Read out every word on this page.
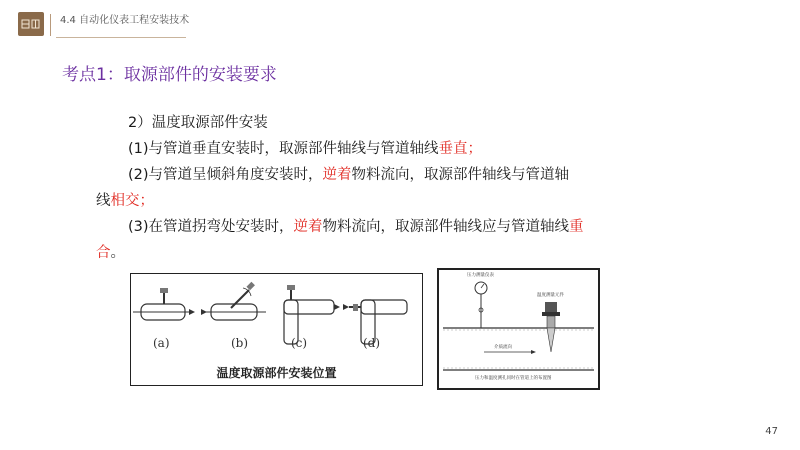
4.4 自动化仪表工程安装技术
考点1：取源部件的安装要求

2）温度取源部件安装

(1)与管道垂直安装时，取源部件轴线与管道轴线垂直；

(2)与管道呈倾斜角度安装时，逆着物料流向，取源部件轴线与管道轴

线相交；

(3)在管道拐弯处安装时，逆着物料流向，取源部件轴线应与管道轴线重

合。

(a)	(b)	(c)	(d)
温度取源部件安装位置
压力测量仪表
温度测量元件
介质流向
压力和温度测孔同时在管道上的布置图
47
